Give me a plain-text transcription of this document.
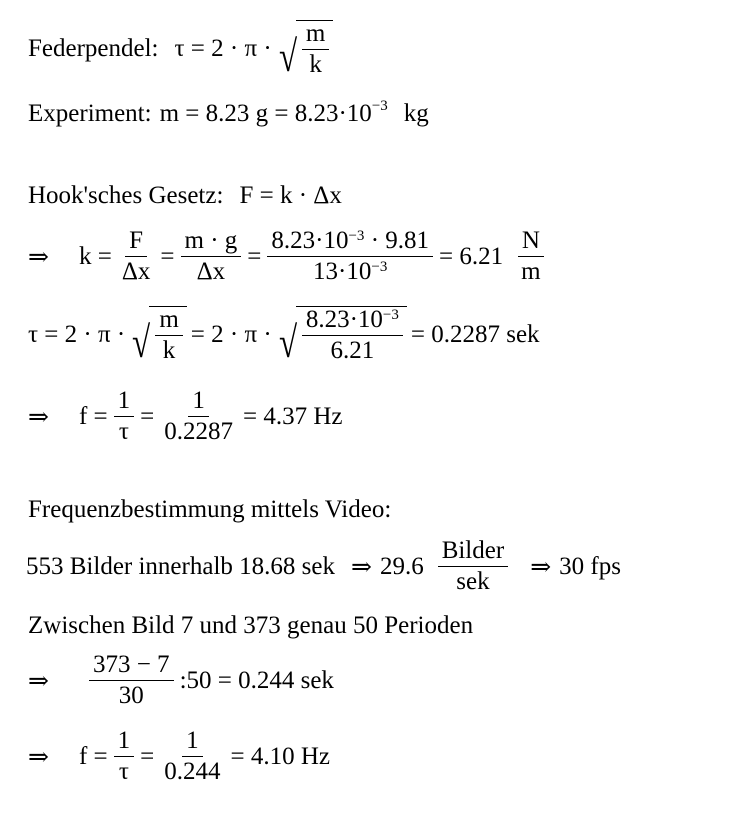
Federpendel: τ = 2 · π · √ $\frac{m}{k}$
Experiment: m = 8.23 $g = 8.23\cdot 10^{-3}$ kg
Hook'sches Gesetz: F = k · Δx
⇒ $k = \frac{F}{\Delta x} = \frac{m \cdot g}{\Delta x} = \frac{8.23\cdot 10^{-3} \cdot 9.81}{13\cdot 10^{-3}} = 6.21 \frac{N}{m}$
τ = 2 · π · √ $\frac{m}{k} = 2 \cdot \pi$ · √ $\frac{8.23\cdot 10^{-3}}{6.21} = 0.2287$ sek
⇒ $f = \frac{1}{\tau} = \frac{1}{0.2287} = 4.37$ Hz
Frequenzbestimmung mittels Video:
553 Bilder innerhalb 18.68 sek ⇒ $29.6 \frac{\text{Bilder}}{\text{sek}}$ ⇒ 30 fps
Zwischen Bild 7 und 373 genau 50 Perioden
⇒ $\frac{373 - 7}{30}$ :50 = 0.244 sek
⇒ $f = \frac{1}{\tau} = \frac{1}{0.244} = 4.10$ Hz
